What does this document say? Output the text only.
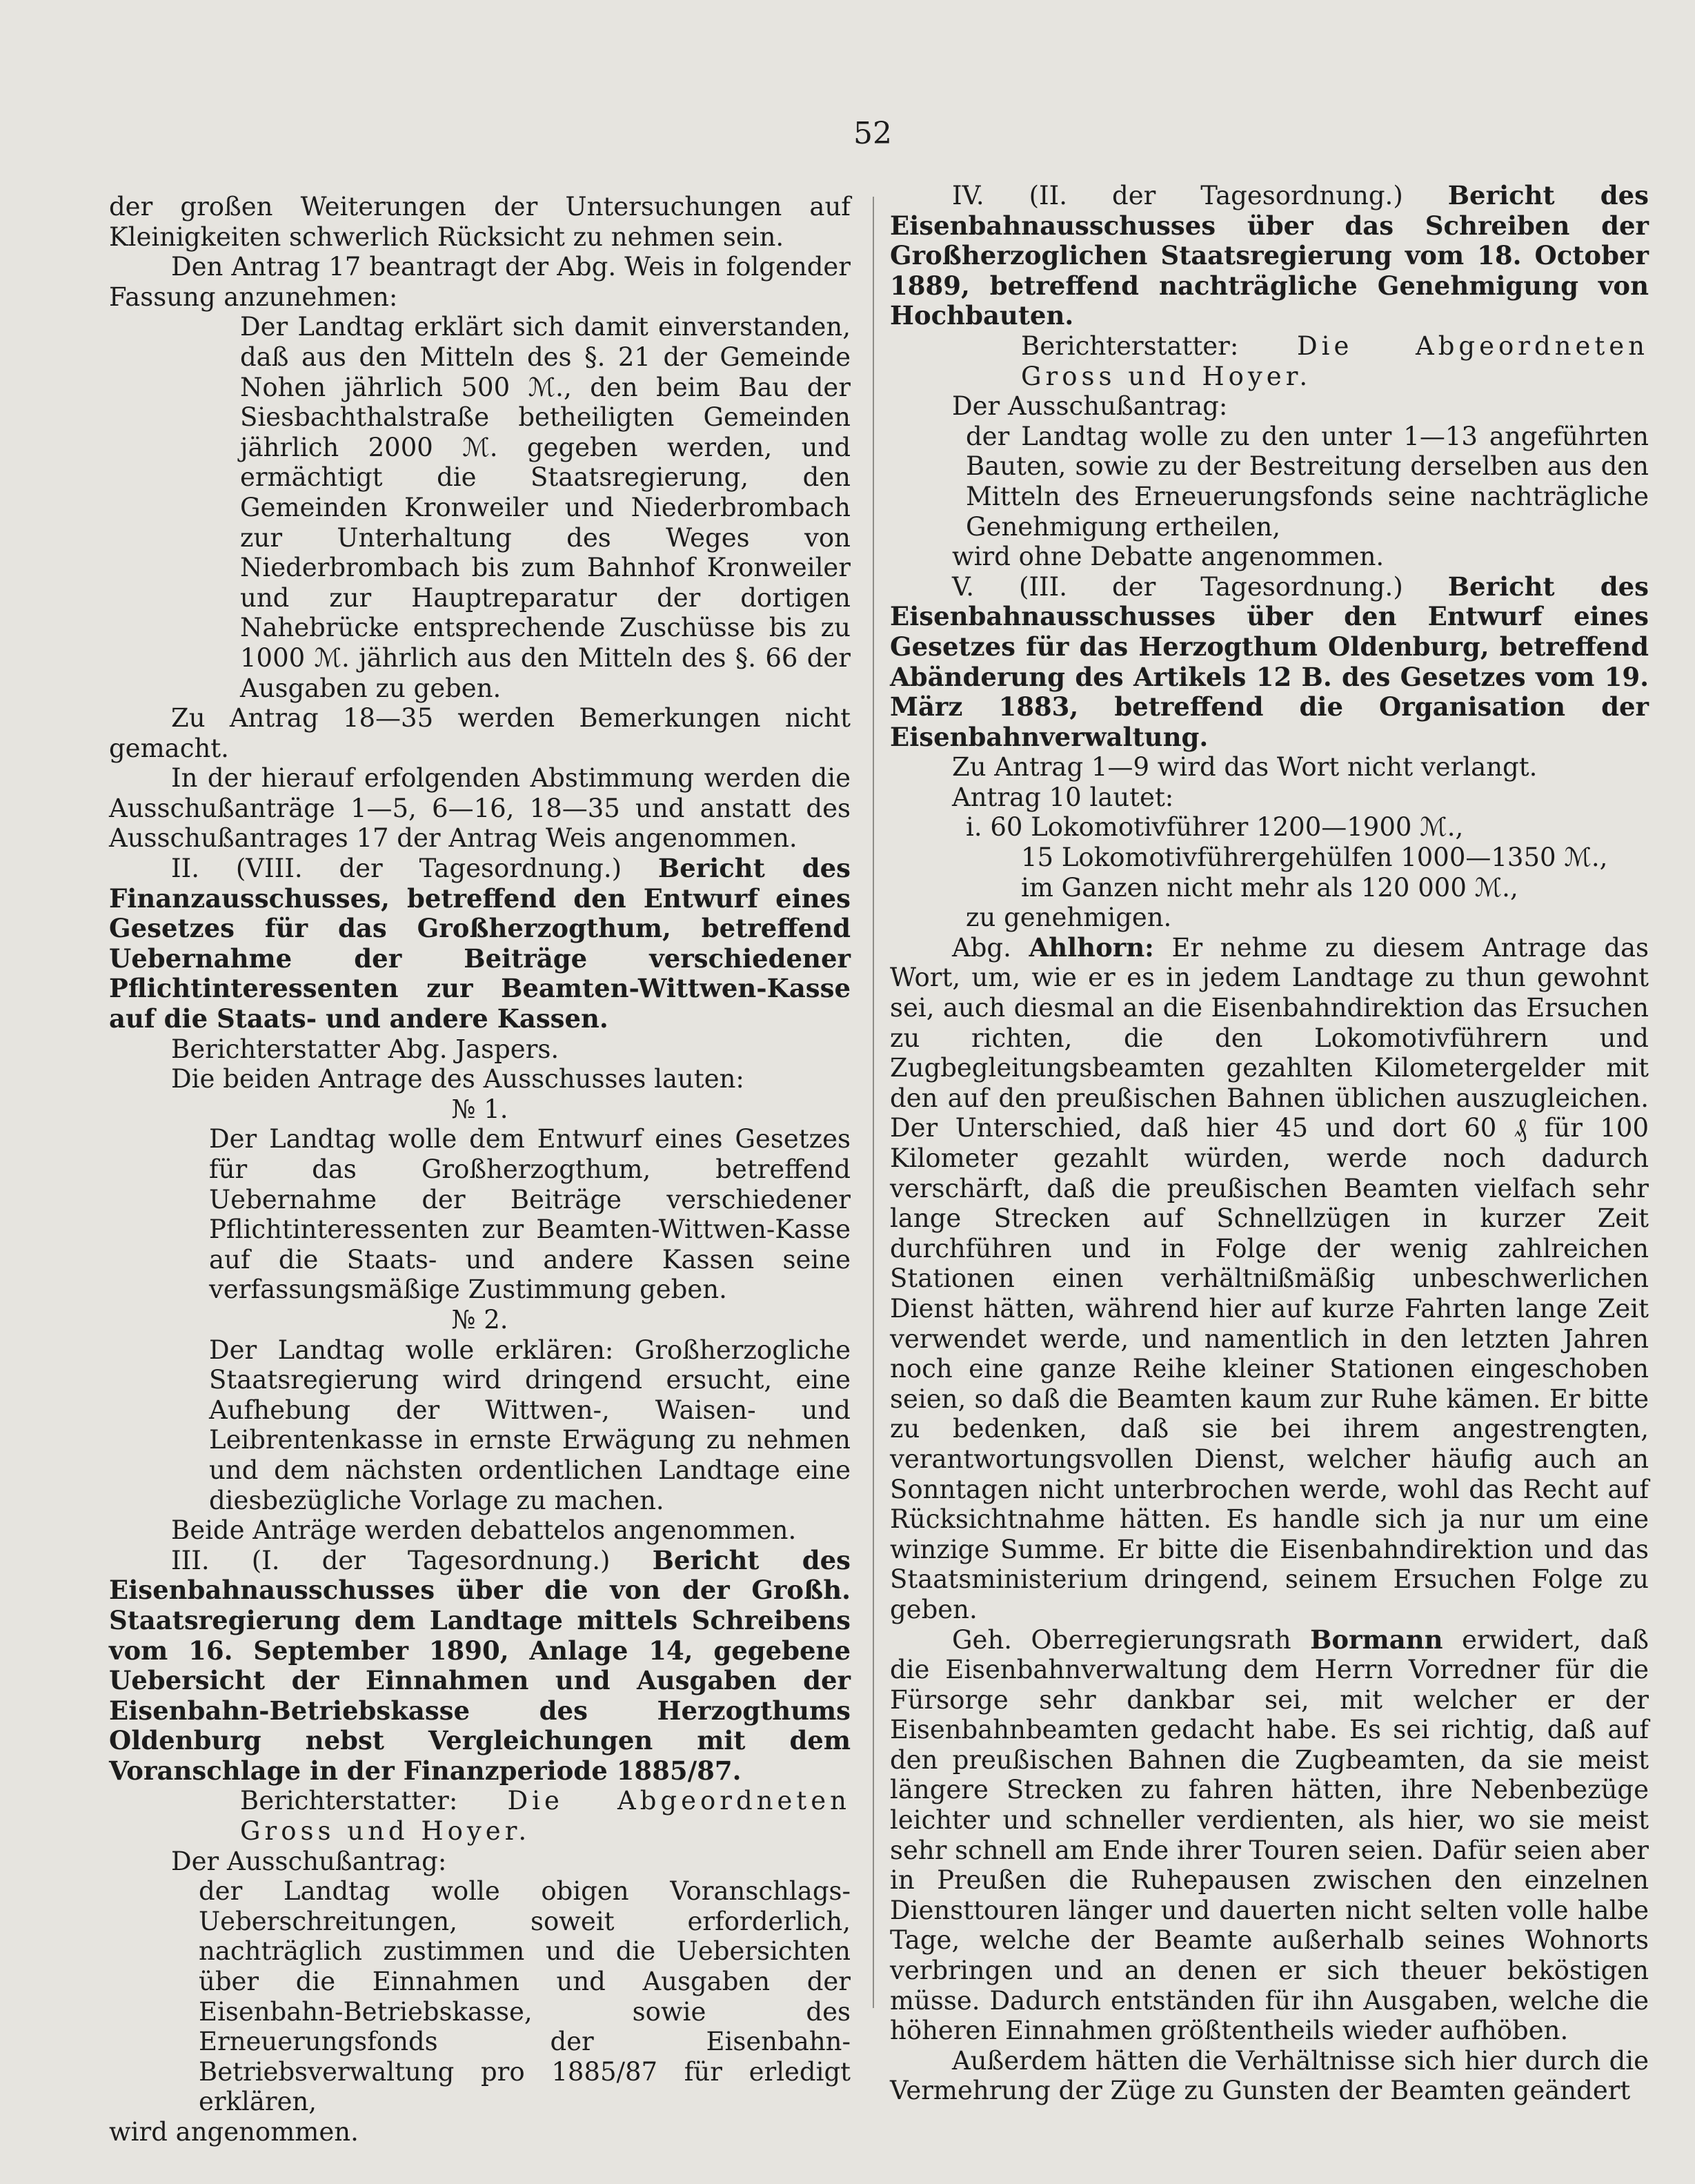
52

der großen Weiterungen der Untersuchungen auf Kleinigkeiten schwerlich Rücksicht zu nehmen sein.

Den Antrag 17 beantragt der Abg. Weis in folgender Fassung anzunehmen:

Der Landtag erklärt sich damit einverstanden, daß aus den Mitteln des §. 21 der Gemeinde Nohen jährlich 500 ℳ., den beim Bau der Siesbachthalstraße betheiligten Gemeinden jährlich 2000 ℳ. gegeben werden, und ermächtigt die Staatsregierung, den Gemeinden Kronweiler und Niederbrombach zur Unterhaltung des Weges von Niederbrombach bis zum Bahnhof Kronweiler und zur Hauptreparatur der dortigen Nahebrücke entsprechende Zuschüsse bis zu 1000 ℳ. jährlich aus den Mitteln des §. 66 der Ausgaben zu geben.

Zu Antrag 18—35 werden Bemerkungen nicht gemacht.

In der hierauf erfolgenden Abstimmung werden die Ausschußanträge 1—5, 6—16, 18—35 und anstatt des Ausschußantrages 17 der Antrag Weis angenommen.

II. (VIII. der Tagesordnung.) Bericht des Finanzausschusses, betreffend den Entwurf eines Gesetzes für das Großherzogthum, betreffend Uebernahme der Beiträge verschiedener Pflichtinteressenten zur Beamten-Wittwen-Kasse auf die Staats- und andere Kassen.

Berichterstatter Abg. Jaspers.

Die beiden Antrage des Ausschusses lauten:

№ 1.

Der Landtag wolle dem Entwurf eines Gesetzes für das Großherzogthum, betreffend Uebernahme der Beiträge verschiedener Pflichtinteressenten zur Beamten-Wittwen-Kasse auf die Staats- und andere Kassen seine verfassungsmäßige Zustimmung geben.

№ 2.

Der Landtag wolle erklären: Großherzogliche Staatsregierung wird dringend ersucht, eine Aufhebung der Wittwen-, Waisen- und Leibrentenkasse in ernste Erwägung zu nehmen und dem nächsten ordentlichen Landtage eine diesbezügliche Vorlage zu machen.

Beide Anträge werden debattelos angenommen.

III. (I. der Tagesordnung.) Bericht des Eisenbahnausschusses über die von der Großh. Staatsregierung dem Landtage mittels Schreibens vom 16. September 1890, Anlage 14, gegebene Uebersicht der Einnahmen und Ausgaben der Eisenbahn-Betriebskasse des Herzogthums Oldenburg nebst Vergleichungen mit dem Voranschlage in der Finanzperiode 1885/87.

Berichterstatter: Die Abgeordneten Gross und Hoyer.

Der Ausschußantrag:

der Landtag wolle obigen Voranschlags-Ueberschreitungen, soweit erforderlich, nachträglich zustimmen und die Uebersichten über die Einnahmen und Ausgaben der Eisenbahn-Betriebskasse, sowie des Erneuerungsfonds der Eisenbahn-Betriebsverwaltung pro 1885/87 für erledigt erklären,

wird angenommen.

IV. (II. der Tagesordnung.) Bericht des Eisenbahnausschusses über das Schreiben der Großherzoglichen Staatsregierung vom 18. October 1889, betreffend nachträgliche Genehmigung von Hochbauten.

Berichterstatter: Die Abgeordneten Gross und Hoyer.

Der Ausschußantrag:

der Landtag wolle zu den unter 1—13 angeführten Bauten, sowie zu der Bestreitung derselben aus den Mitteln des Erneuerungsfonds seine nachträgliche Genehmigung ertheilen,

wird ohne Debatte angenommen.

V. (III. der Tagesordnung.) Bericht des Eisenbahnausschusses über den Entwurf eines Gesetzes für das Herzogthum Oldenburg, betreffend Abänderung des Artikels 12 B. des Gesetzes vom 19. März 1883, betreffend die Organisation der Eisenbahnverwaltung.

Zu Antrag 1—9 wird das Wort nicht verlangt.

Antrag 10 lautet:

i. 60 Lokomotivführer 1200—1900 ℳ.,

15 Lokomotivführergehülfen 1000—1350 ℳ.,

im Ganzen nicht mehr als 120 000 ℳ.,

zu genehmigen.

Abg. Ahlhorn: Er nehme zu diesem Antrage das Wort, um, wie er es in jedem Landtage zu thun gewohnt sei, auch diesmal an die Eisenbahndirektion das Ersuchen zu richten, die den Lokomotivführern und Zugbegleitungsbeamten gezahlten Kilometergelder mit den auf den preußischen Bahnen üblichen auszugleichen. Der Unterschied, daß hier 45 und dort 60 ₰ für 100 Kilometer gezahlt würden, werde noch dadurch verschärft, daß die preußischen Beamten vielfach sehr lange Strecken auf Schnellzügen in kurzer Zeit durchführen und in Folge der wenig zahlreichen Stationen einen verhältnißmäßig unbeschwerlichen Dienst hätten, während hier auf kurze Fahrten lange Zeit verwendet werde, und namentlich in den letzten Jahren noch eine ganze Reihe kleiner Stationen eingeschoben seien, so daß die Beamten kaum zur Ruhe kämen. Er bitte zu bedenken, daß sie bei ihrem angestrengten, verantwortungsvollen Dienst, welcher häufig auch an Sonntagen nicht unterbrochen werde, wohl das Recht auf Rücksichtnahme hätten. Es handle sich ja nur um eine winzige Summe. Er bitte die Eisenbahndirektion und das Staatsministerium dringend, seinem Ersuchen Folge zu geben.

Geh. Oberregierungsrath Bormann erwidert, daß die Eisenbahnverwaltung dem Herrn Vorredner für die Fürsorge sehr dankbar sei, mit welcher er der Eisenbahnbeamten gedacht habe. Es sei richtig, daß auf den preußischen Bahnen die Zugbeamten, da sie meist längere Strecken zu fahren hätten, ihre Nebenbezüge leichter und schneller verdienten, als hier, wo sie meist sehr schnell am Ende ihrer Touren seien. Dafür seien aber in Preußen die Ruhepausen zwischen den einzelnen Diensttouren länger und dauerten nicht selten volle halbe Tage, welche der Beamte außerhalb seines Wohnorts verbringen und an denen er sich theuer beköstigen müsse. Dadurch entständen für ihn Ausgaben, welche die höheren Einnahmen größtentheils wieder aufhöben.

Außerdem hätten die Verhältnisse sich hier durch die Vermehrung der Züge zu Gunsten der Beamten geändert
